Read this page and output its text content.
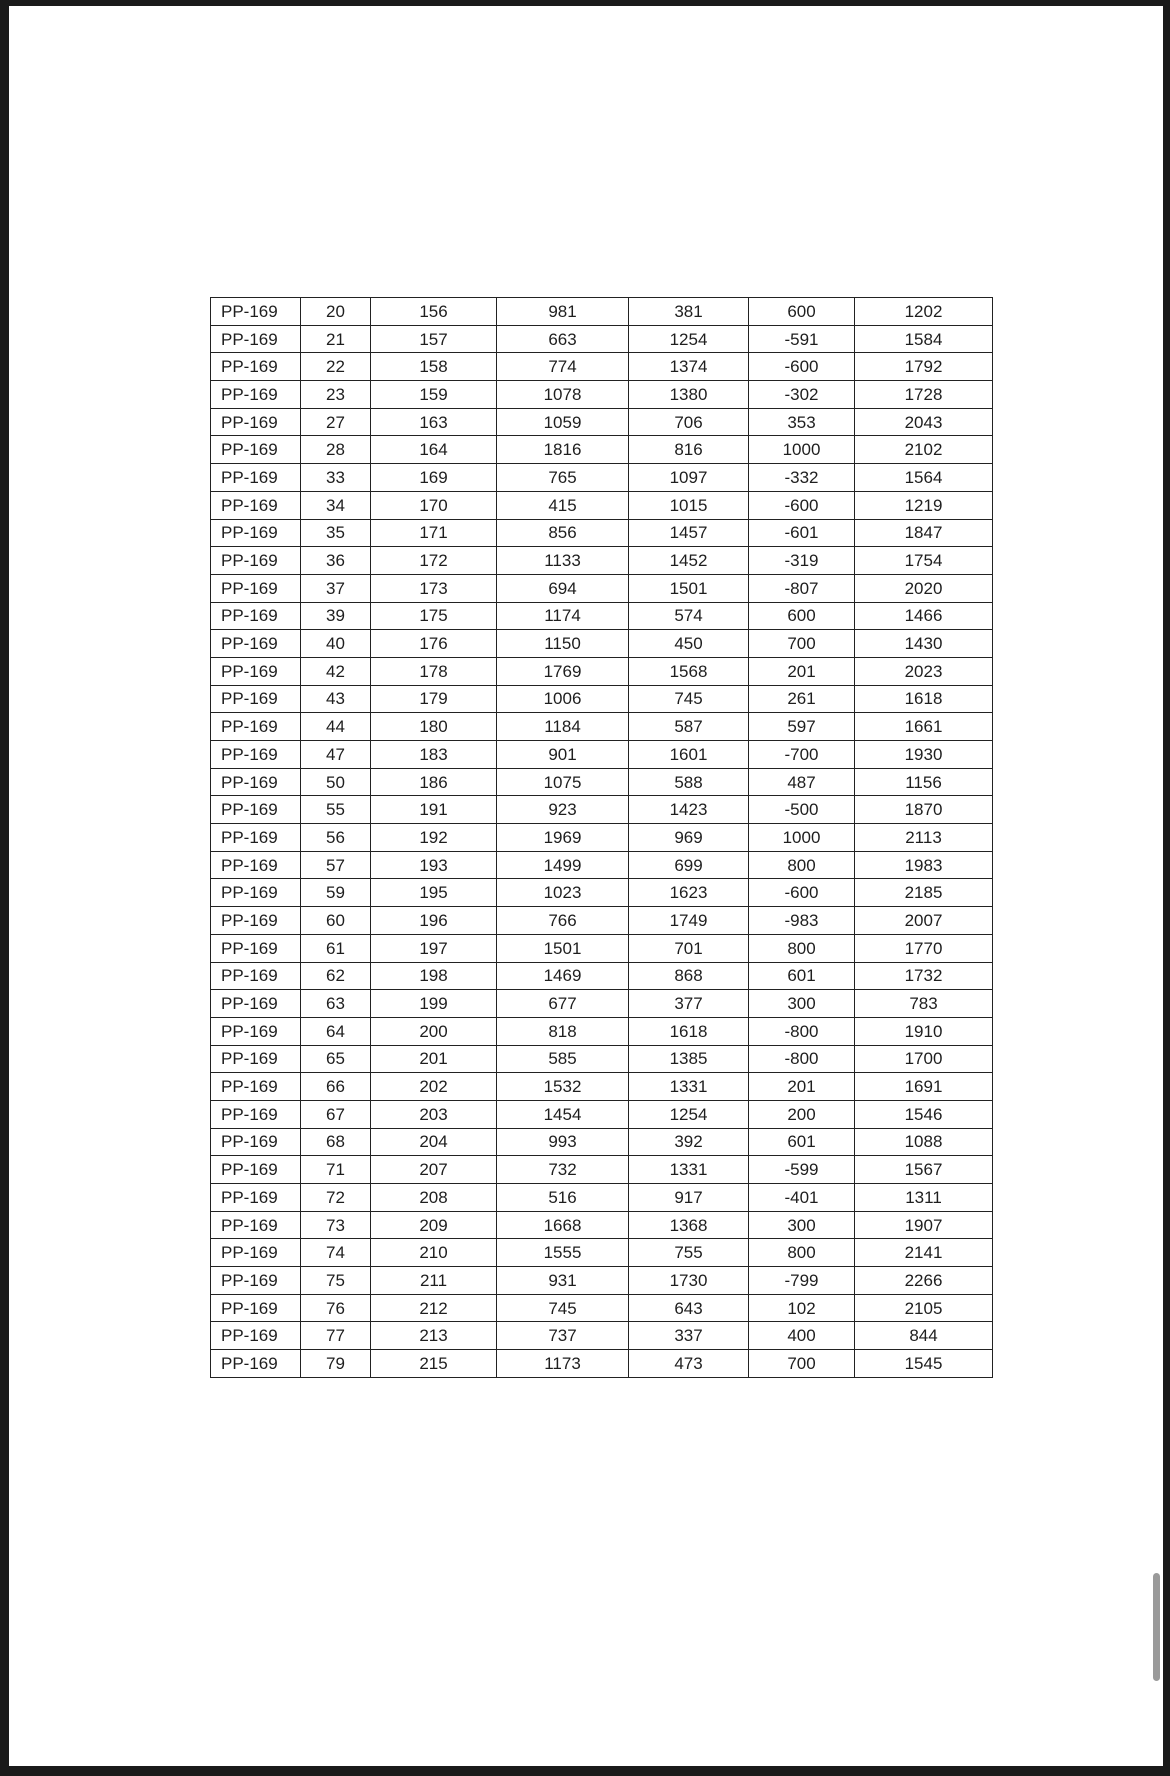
PP-169	20	156	981	381	600	1202
PP-169	21	157	663	1254	-591	1584
PP-169	22	158	774	1374	-600	1792
PP-169	23	159	1078	1380	-302	1728
PP-169	27	163	1059	706	353	2043
PP-169	28	164	1816	816	1000	2102
PP-169	33	169	765	1097	-332	1564
PP-169	34	170	415	1015	-600	1219
PP-169	35	171	856	1457	-601	1847
PP-169	36	172	1133	1452	-319	1754
PP-169	37	173	694	1501	-807	2020
PP-169	39	175	1174	574	600	1466
PP-169	40	176	1150	450	700	1430
PP-169	42	178	1769	1568	201	2023
PP-169	43	179	1006	745	261	1618
PP-169	44	180	1184	587	597	1661
PP-169	47	183	901	1601	-700	1930
PP-169	50	186	1075	588	487	1156
PP-169	55	191	923	1423	-500	1870
PP-169	56	192	1969	969	1000	2113
PP-169	57	193	1499	699	800	1983
PP-169	59	195	1023	1623	-600	2185
PP-169	60	196	766	1749	-983	2007
PP-169	61	197	1501	701	800	1770
PP-169	62	198	1469	868	601	1732
PP-169	63	199	677	377	300	783
PP-169	64	200	818	1618	-800	1910
PP-169	65	201	585	1385	-800	1700
PP-169	66	202	1532	1331	201	1691
PP-169	67	203	1454	1254	200	1546
PP-169	68	204	993	392	601	1088
PP-169	71	207	732	1331	-599	1567
PP-169	72	208	516	917	-401	1311
PP-169	73	209	1668	1368	300	1907
PP-169	74	210	1555	755	800	2141
PP-169	75	211	931	1730	-799	2266
PP-169	76	212	745	643	102	2105
PP-169	77	213	737	337	400	844
PP-169	79	215	1173	473	700	1545
